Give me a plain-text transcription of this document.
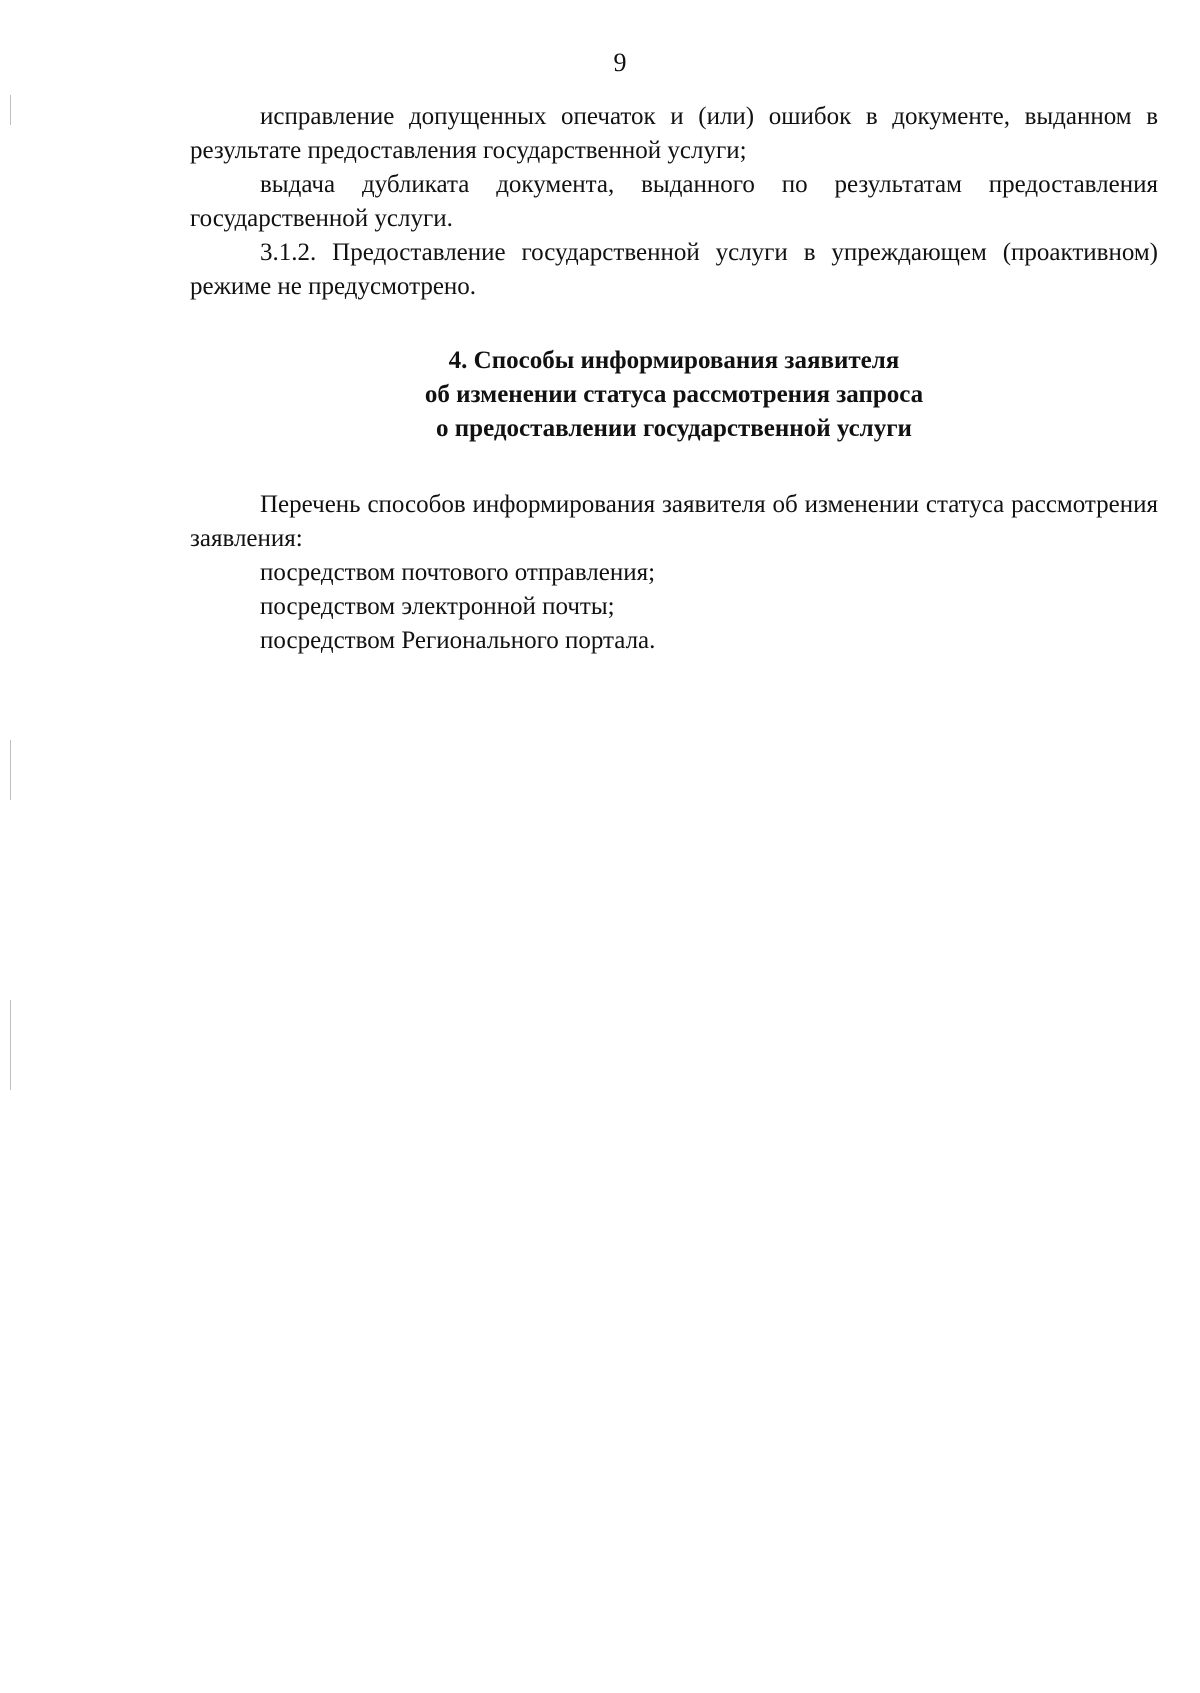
9

исправление допущенных опечаток и (или) ошибок в документе, выданном в результате предоставления государственной услуги;

выдача дубликата документа, выданного по результатам предоставления государственной услуги.

3.1.2. Предоставление государственной услуги в упреждающем (проактивном) режиме не предусмотрено.

4. Способы информирования заявителя
об изменении статуса рассмотрения запроса
о предоставлении государственной услуги

Перечень способов информирования заявителя об изменении статуса рассмотрения заявления:

посредством почтового отправления;

посредством электронной почты;

посредством Регионального портала.
